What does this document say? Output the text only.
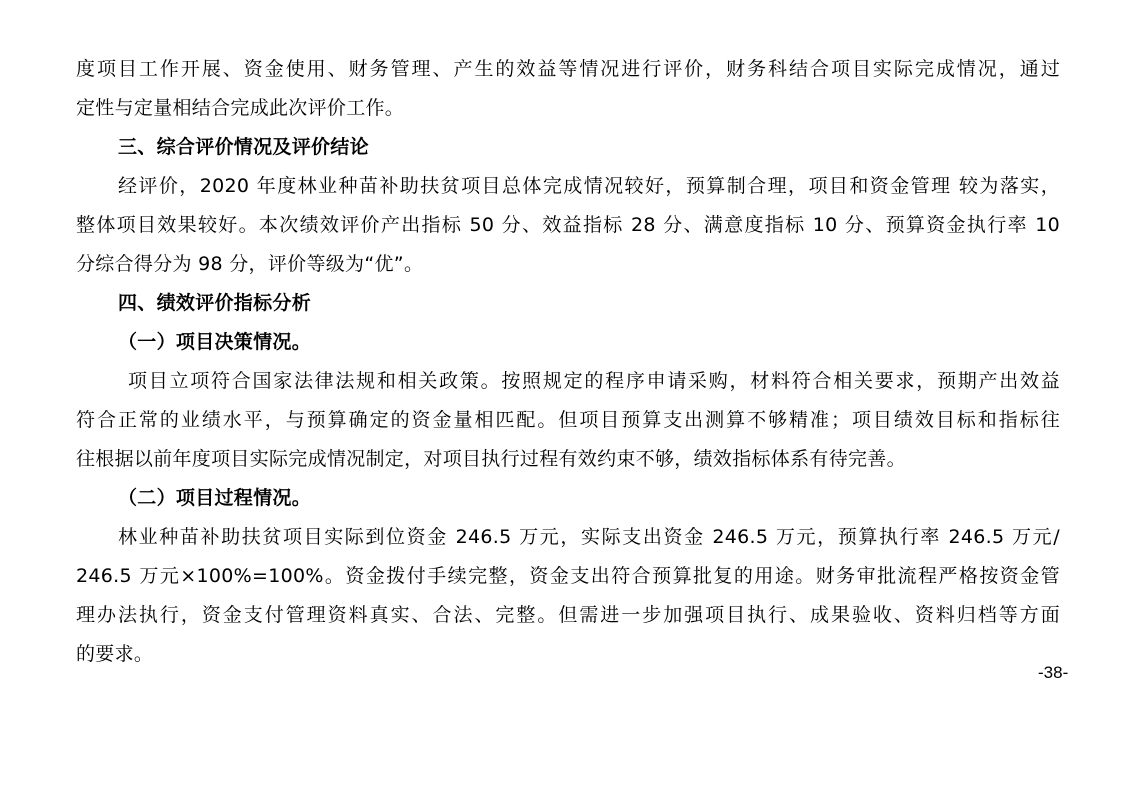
度项目工作开展、资金使用、财务管理、产生的效益等情况进行评价，财务科结合项目实际完成情况，通过
定性与定量相结合完成此次评价工作。
三、综合评价情况及评价结论
经评价，2020 年度林业种苗补助扶贫项目总体完成情况较好，预算制合理，项目和资金管理 较为落实，
整体项目效果较好。本次绩效评价产出指标 50 分、效益指标 28 分、满意度指标 10 分、预算资金执行率 10
分综合得分为 98 分，评价等级为“优”。
四、绩效评价指标分析
（一）项目决策情况。
项目立项符合国家法律法规和相关政策。按照规定的程序申请采购，材料符合相关要求，预期产出效益
符合正常的业绩水平，与预算确定的资金量相匹配。但项目预算支出测算不够精准；项目绩效目标和指标往
往根据以前年度项目实际完成情况制定，对项目执行过程有效约束不够，绩效指标体系有待完善。
（二）项目过程情况。
林业种苗补助扶贫项目实际到位资金 246.5 万元，实际支出资金 246.5 万元，预算执行率 246.5 万元/
246.5 万元×100%=100%。资金拨付手续完整，资金支出符合预算批复的用途。财务审批流程严格按资金管
理办法执行，资金支付管理资料真实、合法、完整。但需进一步加强项目执行、成果验收、资料归档等方面
的要求。
-38-
